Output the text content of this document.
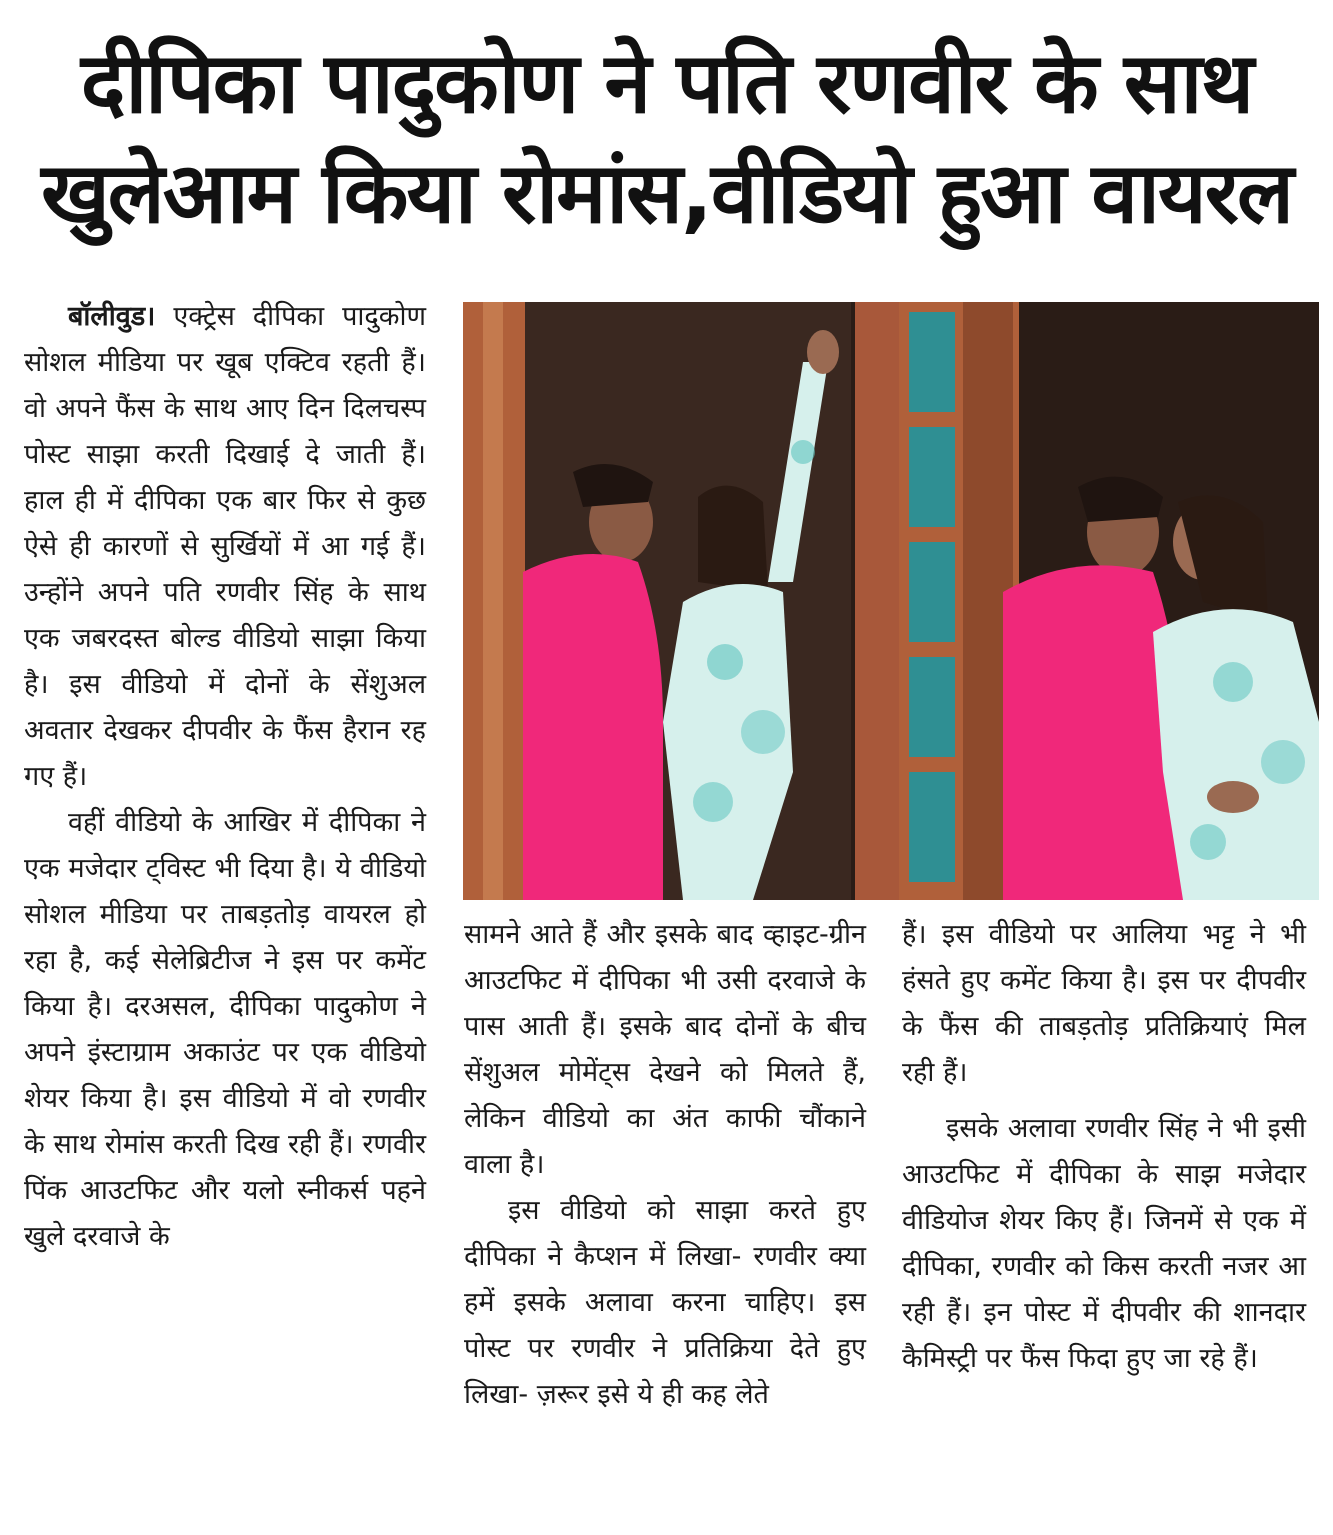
दीपिका पादुकोण ने पति रणवीर के साथ
खुलेआम किया रोमांस,वीडियो हुआ वायरल

बॉलीवुड। एक्ट्रेस दीपिका पादुकोण सोशल मीडिया पर खूब एक्टिव रहती हैं। वो अपने फैंस के साथ आए दिन दिलचस्प पोस्ट साझा करती दिखाई दे जाती हैं। हाल ही में दीपिका एक बार फिर से कुछ ऐसे ही कारणों से सुर्खियों में आ गई हैं। उन्होंने अपने पति रणवीर सिंह के साथ एक जबरदस्त बोल्ड वीडियो साझा किया है। इस वीडियो में दोनों के सेंशुअल अवतार देखकर दीपवीर के फैंस हैरान रह गए हैं।

वहीं वीडियो के आखिर में दीपिका ने एक मजेदार ट्विस्ट भी दिया है। ये वीडियो सोशल मीडिया पर ताबड़तोड़ वायरल हो रहा है, कई सेलेब्रिटीज ने इस पर कमेंट किया है। दरअसल, दीपिका पादुकोण ने अपने इंस्टाग्राम अकाउंट पर एक वीडियो शेयर किया है। इस वीडियो में वो रणवीर के साथ रोमांस करती दिख रही हैं। रणवीर पिंक आउटफिट और यलो स्नीकर्स पहने खुले दरवाजे के

सामने आते हैं और इसके बाद व्हाइट-ग्रीन आउटफिट में दीपिका भी उसी दरवाजे के पास आती हैं। इसके बाद दोनों के बीच सेंशुअल मोमेंट्स देखने को मिलते हैं, लेकिन वीडियो का अंत काफी चौंकाने वाला है।

इस वीडियो को साझा करते हुए दीपिका ने कैप्शन में लिखा- रणवीर क्या हमें इसके अलावा करना चाहिए। इस पोस्ट पर रणवीर ने प्रतिक्रिया देते हुए लिखा- ज़रूर इसे ये ही कह लेते

हैं। इस वीडियो पर आलिया भट्ट ने भी हंसते हुए कमेंट किया है। इस पर दीपवीर के फैंस की ताबड़तोड़ प्रतिक्रियाएं मिल रही हैं।

इसके अलावा रणवीर सिंह ने भी इसी आउटफिट में दीपिका के साझ मजेदार वीडियोज शेयर किए हैं। जिनमें से एक में दीपिका, रणवीर को किस करती नजर आ रही हैं। इन पोस्ट में दीपवीर की शानदार कैमिस्ट्री पर फैंस फिदा हुए जा रहे हैं।
